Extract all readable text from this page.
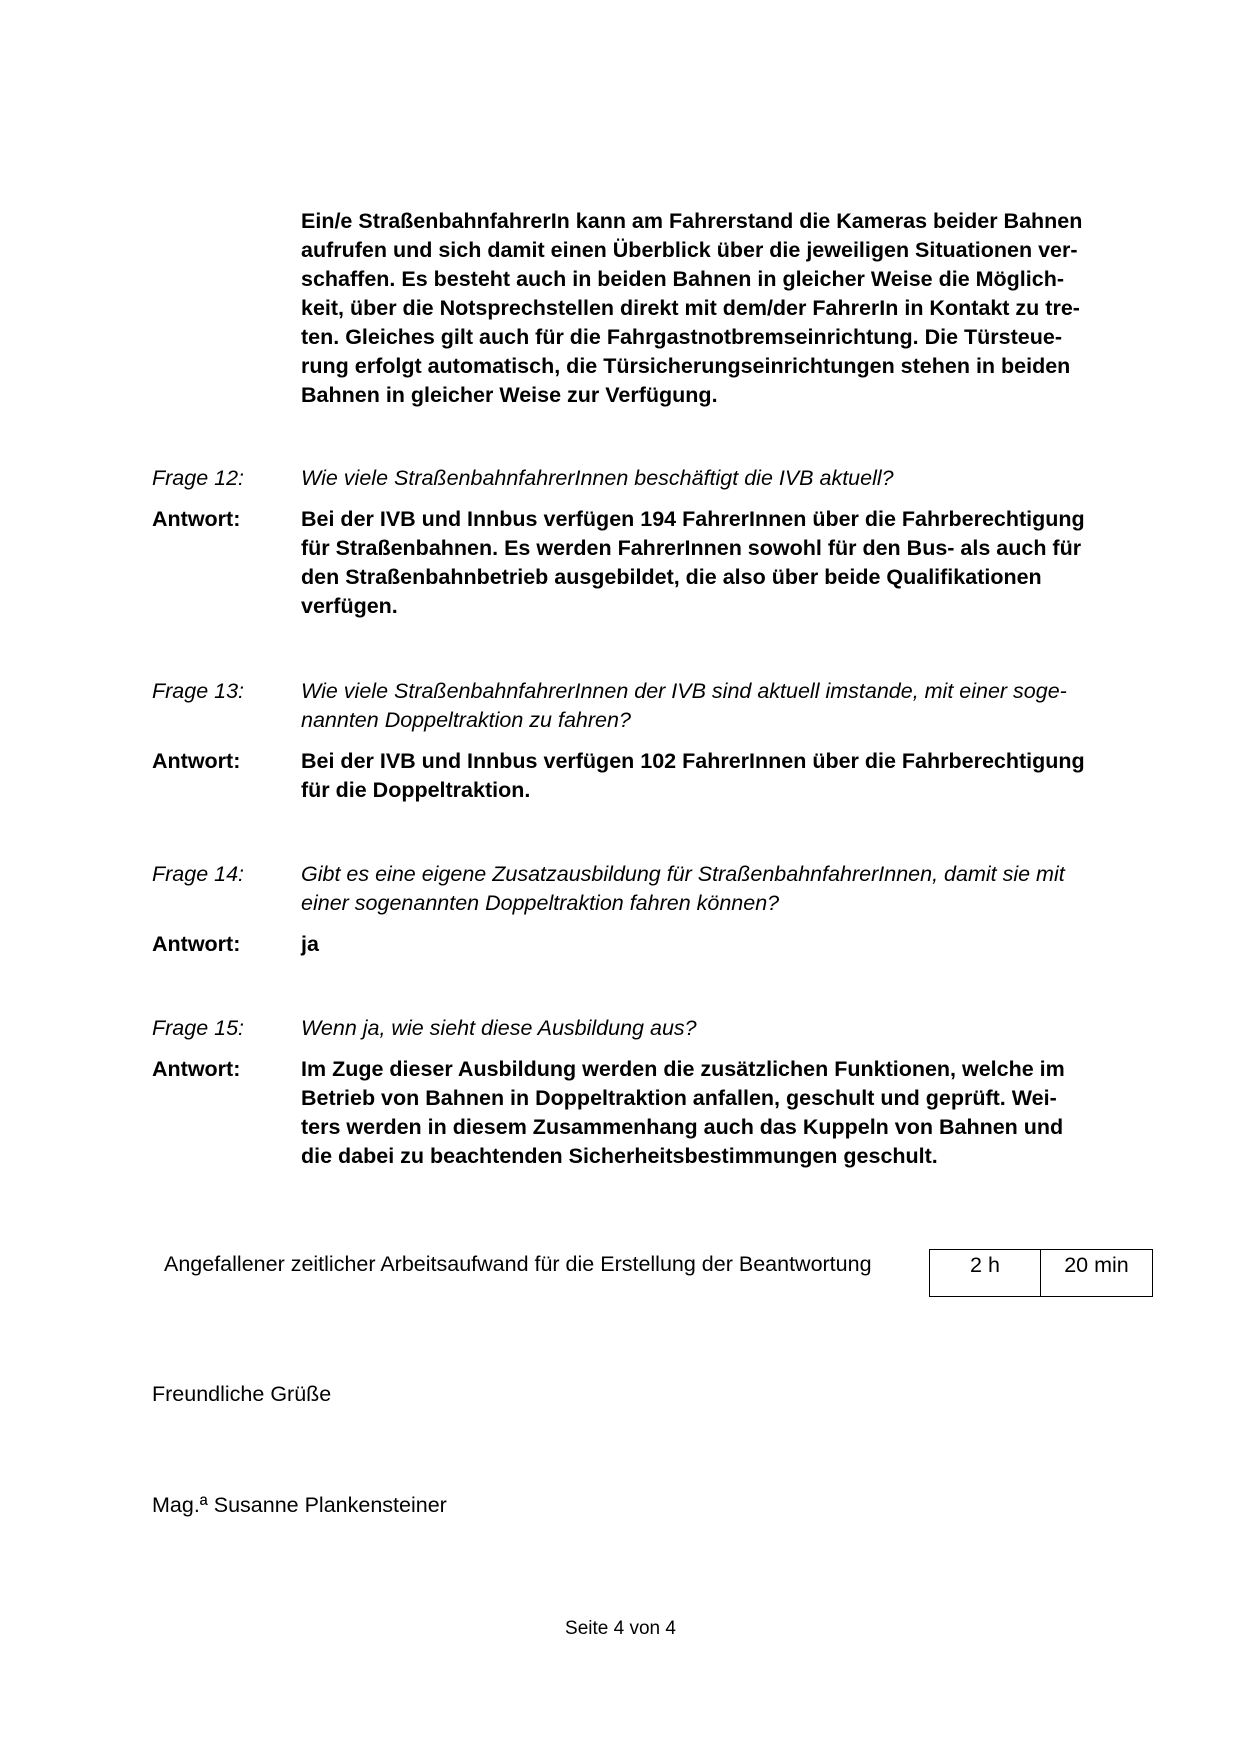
Ein/e StraßenbahnfahrerIn kann am Fahrerstand die Kameras beider Bahnen
aufrufen und sich damit einen Überblick über die jeweiligen Situationen ver-
schaffen. Es besteht auch in beiden Bahnen in gleicher Weise die Möglich-
keit, über die Notsprechstellen direkt mit dem/der FahrerIn in Kontakt zu tre-
ten. Gleiches gilt auch für die Fahrgastnotbremseinrichtung. Die Türsteue-
rung erfolgt automatisch, die Türsicherungseinrichtungen stehen in beiden
Bahnen in gleicher Weise zur Verfügung.
Frage 12:	Wie viele StraßenbahnfahrerInnen beschäftigt die IVB aktuell?
Antwort:	Bei der IVB und Innbus verfügen 194 FahrerInnen über die Fahrberechtigung
für Straßenbahnen. Es werden FahrerInnen sowohl für den Bus- als auch für
den Straßenbahnbetrieb ausgebildet, die also über beide Qualifikationen
verfügen.
Frage 13:	Wie viele StraßenbahnfahrerInnen der IVB sind aktuell imstande, mit einer soge-
nannten Doppeltraktion zu fahren?
Antwort:	Bei der IVB und Innbus verfügen 102 FahrerInnen über die Fahrberechtigung
für die Doppeltraktion.
Frage 14:	Gibt es eine eigene Zusatzausbildung für StraßenbahnfahrerInnen, damit sie mit
einer sogenannten Doppeltraktion fahren können?
Antwort:	ja
Frage 15:	Wenn ja, wie sieht diese Ausbildung aus?
Antwort:	Im Zuge dieser Ausbildung werden die zusätzlichen Funktionen, welche im
Betrieb von Bahnen in Doppeltraktion anfallen, geschult und geprüft. Wei-
ters werden in diesem Zusammenhang auch das Kuppeln von Bahnen und
die dabei zu beachtenden Sicherheitsbestimmungen geschult.
Angefallener zeitlicher Arbeitsaufwand für die Erstellung der Beantwortung	2 h	20 min
Freundliche Grüße
Mag.ª Susanne Plankensteiner
Seite 4 von 4
